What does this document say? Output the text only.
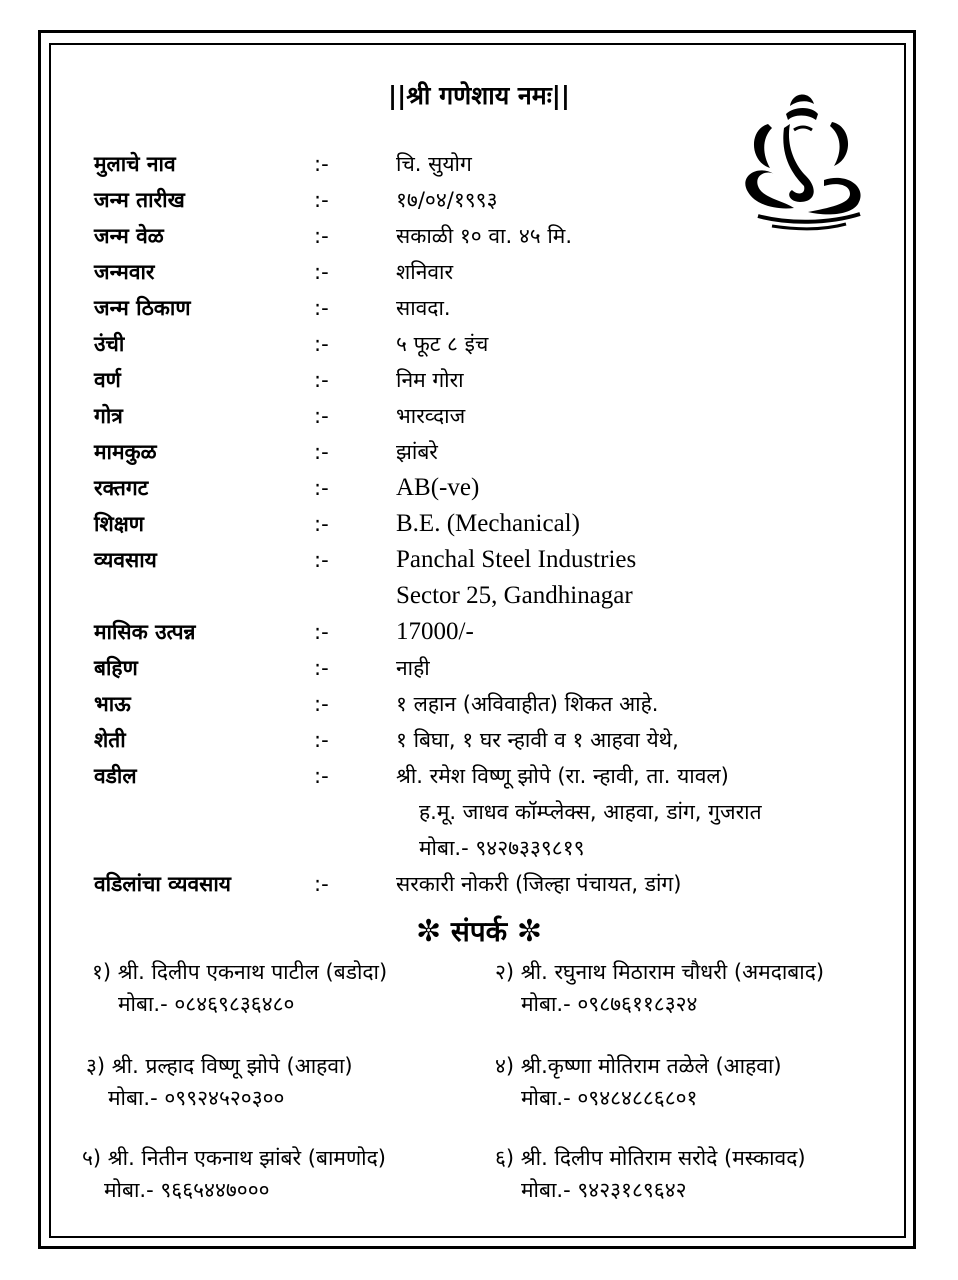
||श्री गणेशाय नमः||
मुलाचे नाव	:-	चि. सुयोग
जन्म तारीख	:-	१७/०४/१९९३
जन्म वेळ	:-	सकाळी १० वा. ४५ मि.
जन्मवार	:-	शनिवार
जन्म ठिकाण	:-	सावदा.
उंची	:-	५ फूट ८ इंच
वर्ण	:-	निम गोरा
गोत्र	:-	भारव्दाज
मामकुळ	:-	झांबरे
रक्तगट	:-	AB(-ve)
शिक्षण	:-	B.E. (Mechanical)
व्यवसाय	:-	Panchal Steel Industries
Sector 25, Gandhinagar
मासिक उत्पन्न	:-	17000/-
बहिण	:-	नाही
भाऊ	:-	१ लहान (अविवाहीत) शिकत आहे.
शेती	:-	१ बिघा, १ घर न्हावी व १ आहवा येथे,
वडील	:-	श्री. रमेश विष्णू झोपे (रा. न्हावी, ता. यावल)
ह.मू. जाधव कॉम्प्लेक्स, आहवा, डांग, गुजरात
मोबा.- ९४२७३३९८१९
वडिलांचा व्यवसाय	:-	सरकारी नोकरी (जिल्हा पंचायत, डांग)
✼ संपर्क ✼
१) श्री. दिलीप एकनाथ पाटील (बडोदा)
मोबा.- ०८४६९८३६४८०
२) श्री. रघुनाथ मिठाराम चौधरी (अमदाबाद)
मोबा.- ०९८७६११८३२४
३) श्री. प्रल्हाद विष्णू झोपे (आहवा)
मोबा.- ०९९२४५२०३००
४) श्री.कृष्णा मोतिराम तळेले (आहवा)
मोबा.- ०९४८४८८६८०१
५) श्री. नितीन एकनाथ झांबरे (बामणोद)
मोबा.- ९६६५४४७०००
६) श्री. दिलीप मोतिराम सरोदे (मस्कावद)
मोबा.- ९४२३१८९६४२
